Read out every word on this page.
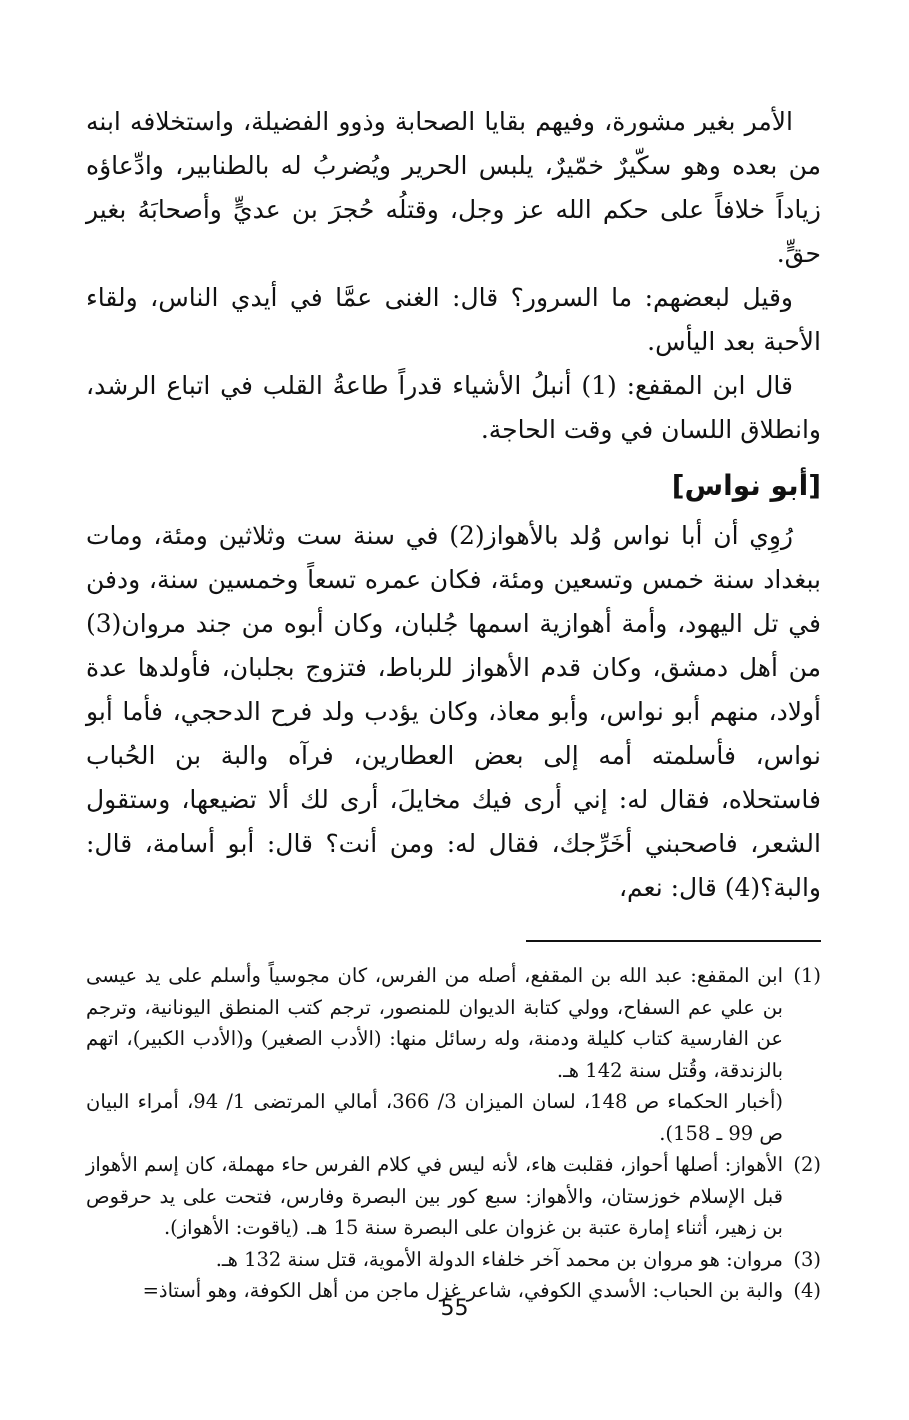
الأمر بغير مشورة، وفيهم بقايا الصحابة وذوو الفضيلة، واستخلافه ابنه من بعده وهو سكّيرٌ خمّيرٌ، يلبس الحرير ويُضربُ له بالطنابير، وادِّعاؤه زياداً خلافاً على حكم الله عز وجل، وقتلُه حُجرَ بن عديٍّ وأصحابَهُ بغير حقٍّ.

وقيل لبعضهم: ما السرور؟ قال: الغنى عمَّا في أيدي الناس، ولقاء الأحبة بعد اليأس.

قال ابن المقفع: (1) أنبلُ الأشياء قدراً طاعةُ القلب في اتباع الرشد، وانطلاق اللسان في وقت الحاجة.

[أبو نواس]

رُوِي أن أبا نواس وُلد بالأهواز(2) في سنة ست وثلاثين ومئة، ومات ببغداد سنة خمس وتسعين ومئة، فكان عمره تسعاً وخمسين سنة، ودفن في تل اليهود، وأمة أهوازية اسمها جُلبان، وكان أبوه من جند مروان(3) من أهل دمشق، وكان قدم الأهواز للرباط، فتزوج بجلبان، فأولدها عدة أولاد، منهم أبو نواس، وأبو معاذ، وكان يؤدب ولد فرح الدحجي، فأما أبو نواس، فأسلمته أمه إلى بعض العطارين، فرآه والبة بن الحُباب فاستحلاه، فقال له: إني أرى فيك مخايلَ، أرى لك ألا تضيعها، وستقول الشعر، فاصحبني أخَرِّجك، فقال له: ومن أنت؟ قال: أبو أسامة، قال: والبة؟(4) قال: نعم،

(1)

ابن المقفع: عبد الله بن المقفع، أصله من الفرس، كان مجوسياً وأسلم على يد عيسى بن علي عم السفاح، وولي كتابة الديوان للمنصور، ترجم كتب المنطق اليونانية، وترجم عن الفارسية كتاب كليلة ودمنة، وله رسائل منها: (الأدب الصغير) و(الأدب الكبير)، اتهم بالزندقة، وقُتل سنة 142 هـ.

(أخبار الحكماء ص 148، لسان الميزان 3/ 366، أمالي المرتضى 1/ 94، أمراء البيان ص 99 ـ 158).

(2)

الأهواز: أصلها أحواز، فقلبت هاء، لأنه ليس في كلام الفرس حاء مهملة، كان إسم الأهواز قبل الإسلام خوزستان، والأهواز: سبع كور بين البصرة وفارس، فتحت على يد حرقوص بن زهير، أثناء إمارة عتبة بن غزوان على البصرة سنة 15 هـ. (ياقوت: الأهواز).

(3)

مروان: هو مروان بن محمد آخر خلفاء الدولة الأموية، قتل سنة 132 هـ.

(4)

والبة بن الحباب: الأسدي الكوفي، شاعر غزل ماجن من أهل الكوفة، وهو أستاذ=

55
